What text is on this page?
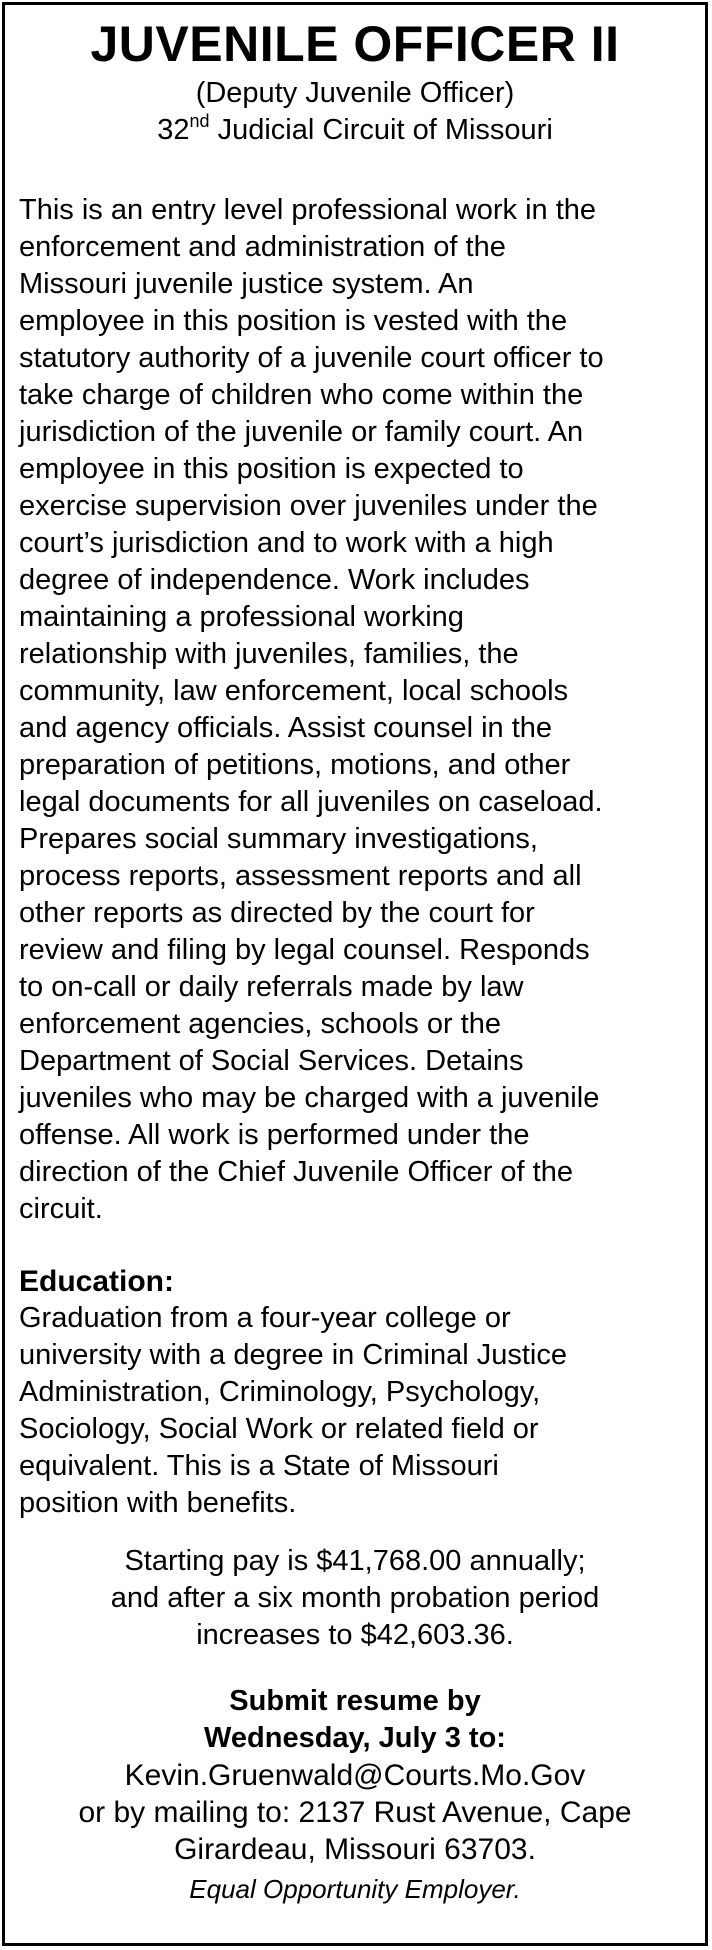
JUVENILE OFFICER II
(Deputy Juvenile Officer)
32nd Judicial Circuit of Missouri
This is an entry level professional work in the
enforcement and administration of the
Missouri juvenile justice system. An
employee in this position is vested with the
statutory authority of a juvenile court officer to
take charge of children who come within the
jurisdiction of the juvenile or family court. An
employee in this position is expected to
exercise supervision over juveniles under the
court’s jurisdiction and to work with a high
degree of independence. Work includes
maintaining a professional working
relationship with juveniles, families, the
community, law enforcement, local schools
and agency officials. Assist counsel in the
preparation of petitions, motions, and other
legal documents for all juveniles on caseload.
Prepares social summary investigations,
process reports, assessment reports and all
other reports as directed by the court for
review and filing by legal counsel. Responds
to on-call or daily referrals made by law
enforcement agencies, schools or the
Department of Social Services. Detains
juveniles who may be charged with a juvenile
offense. All work is performed under the
direction of the Chief Juvenile Officer of the
circuit.
Education:
Graduation from a four-year college or
university with a degree in Criminal Justice
Administration, Criminology, Psychology,
Sociology, Social Work or related field or
equivalent. This is a State of Missouri
position with benefits.
Starting pay is $41,768.00 annually;
and after a six month probation period
increases to $42,603.36.
Submit resume by
Wednesday, July 3 to:
Kevin.Gruenwald@Courts.Mo.Gov
or by mailing to: 2137 Rust Avenue, Cape
Girardeau, Missouri 63703.
Equal Opportunity Employer.
